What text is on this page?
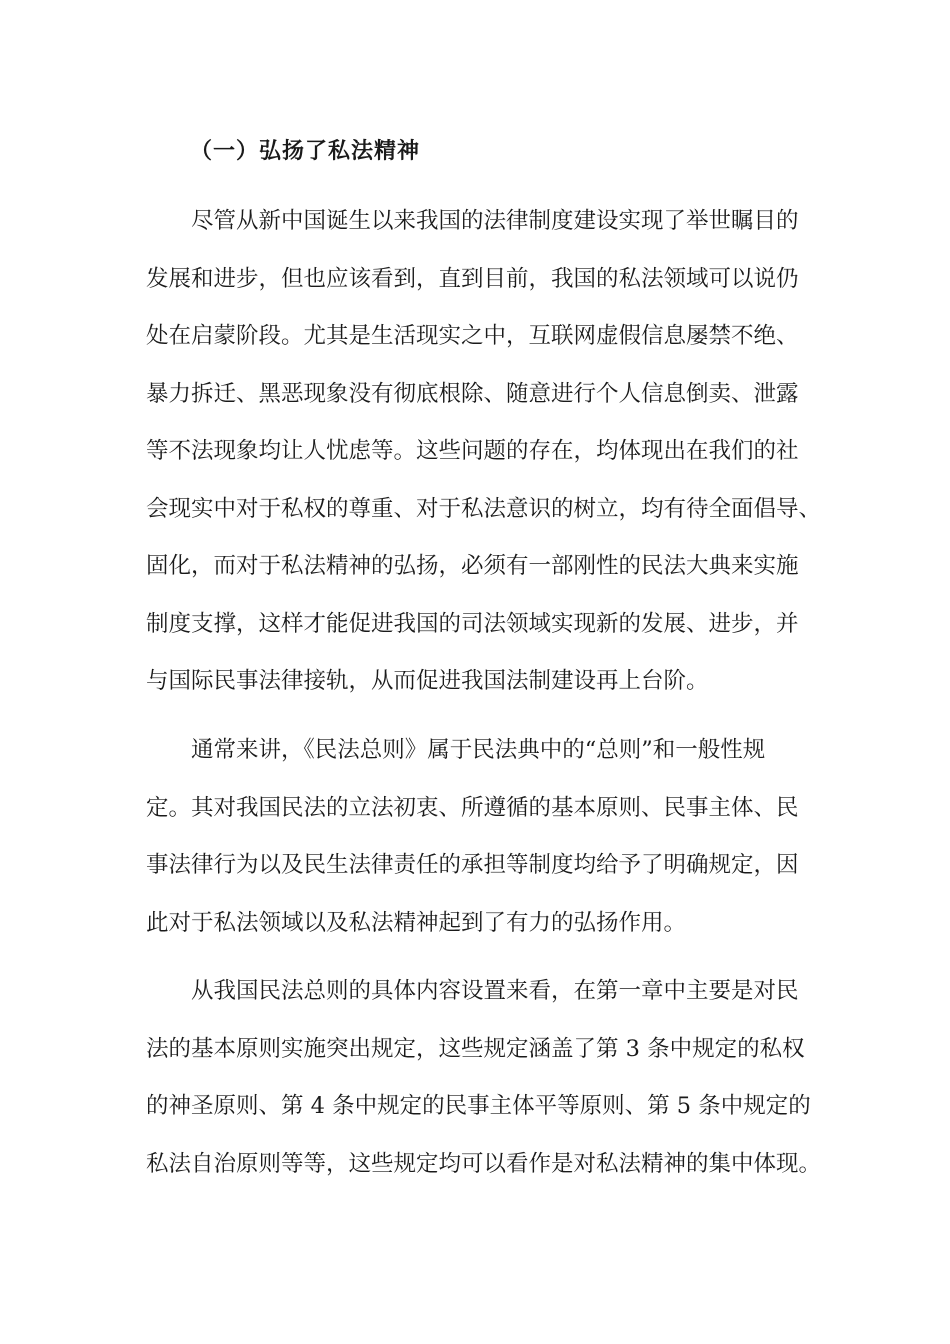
（一）弘扬了私法精神

尽管从新中国诞生以来我国的法律制度建设实现了举世瞩目的
发展和进步，但也应该看到，直到目前，我国的私法领域可以说仍
处在启蒙阶段。尤其是生活现实之中，互联网虚假信息屡禁不绝、
暴力拆迁、黑恶现象没有彻底根除、随意进行个人信息倒卖、泄露
等不法现象均让人忧虑等。这些问题的存在，均体现出在我们的社
会现实中对于私权的尊重、对于私法意识的树立，均有待全面倡导、
固化，而对于私法精神的弘扬，必须有一部刚性的民法大典来实施
制度支撑，这样才能促进我国的司法领域实现新的发展、进步，并
与国际民事法律接轨，从而促进我国法制建设再上台阶。

通常来讲，《民法总则》属于民法典中的“总则”和一般性规
定。其对我国民法的立法初衷、所遵循的基本原则、民事主体、民
事法律行为以及民生法律责任的承担等制度均给予了明确规定，因
此对于私法领域以及私法精神起到了有力的弘扬作用。

从我国民法总则的具体内容设置来看，在第一章中主要是对民
法的基本原则实施突出规定，这些规定涵盖了第 3 条中规定的私权
的神圣原则、第 4 条中规定的民事主体平等原则、第 5 条中规定的
私法自治原则等等，这些规定均可以看作是对私法精神的集中体现。
